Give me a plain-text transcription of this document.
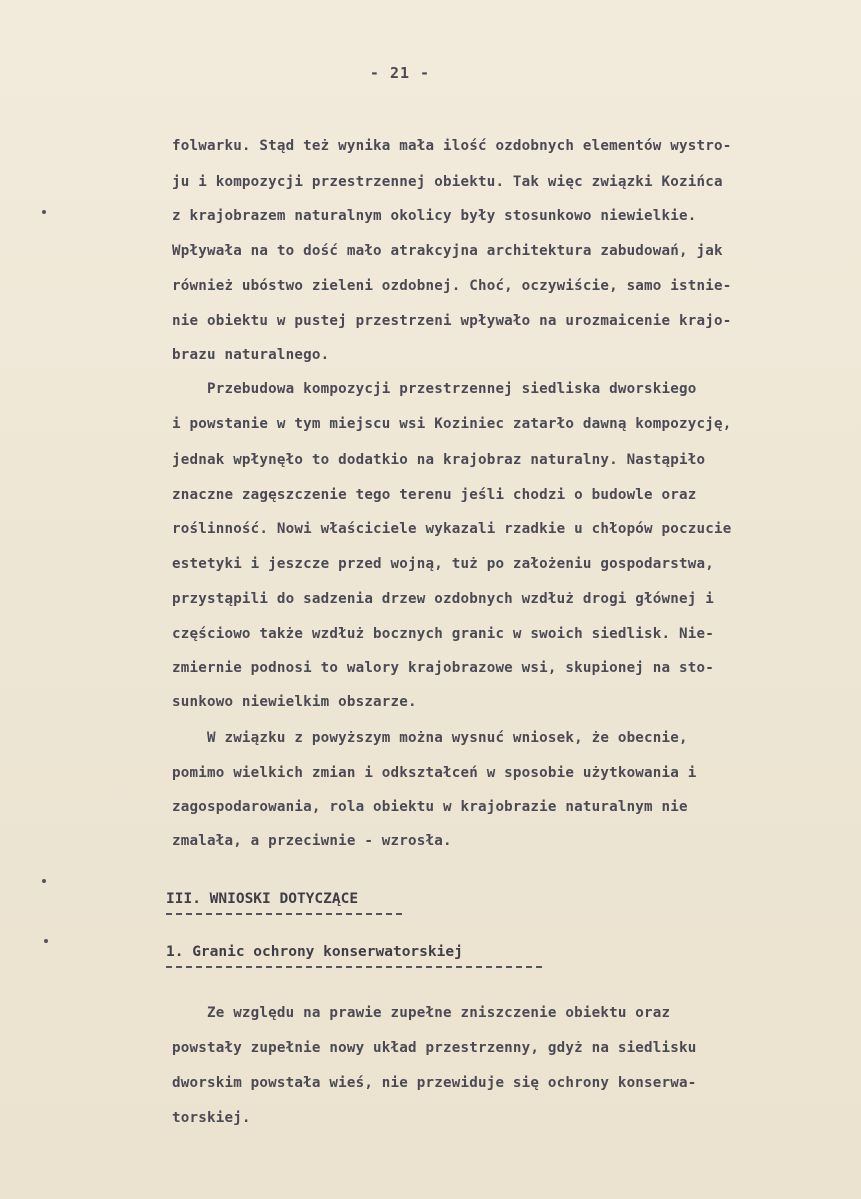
- 21 -
folwarku. Stąd też wynika mała ilość ozdobnych elementów wystro-
ju i kompozycji przestrzennej obiektu. Tak więc związki Kozińca
z krajobrazem naturalnym okolicy były stosunkowo niewielkie.
Wpływała na to dość mało atrakcyjna architektura zabudowań, jak
również ubóstwo zieleni ozdobnej. Choć, oczywiście, samo istnie-
nie obiektu w pustej przestrzeni wpływało na urozmaicenie krajo-
brazu naturalnego.
Przebudowa kompozycji przestrzennej siedliska dworskiego
i powstanie w tym miejscu wsi Koziniec zatarło dawną kompozycję,
jednak wpłynęło to dodatkio na krajobraz naturalny. Nastąpiło
znaczne zagęszczenie tego terenu jeśli chodzi o budowle oraz
roślinność. Nowi właściciele wykazali rzadkie u chłopów poczucie
estetyki i jeszcze przed wojną, tuż po założeniu gospodarstwa,
przystąpili do sadzenia drzew ozdobnych wzdłuż drogi głównej i
częściowo także wzdłuż bocznych granic w swoich siedlisk. Nie-
zmiernie podnosi to walory krajobrazowe wsi, skupionej na sto-
sunkowo niewielkim obszarze.
W związku z powyższym można wysnuć wniosek, że obecnie,
pomimo wielkich zmian i odkształceń w sposobie użytkowania i
zagospodarowania, rola obiektu w krajobrazie naturalnym nie
zmalała, a przeciwnie - wzrosła.
III. WNIOSKI DOTYCZĄCE
1. Granic ochrony konserwatorskiej
Ze względu na prawie zupełne zniszczenie obiektu oraz
powstały zupełnie nowy układ przestrzenny, gdyż na siedlisku
dworskim powstała wieś, nie przewiduje się ochrony konserwa-
torskiej.
